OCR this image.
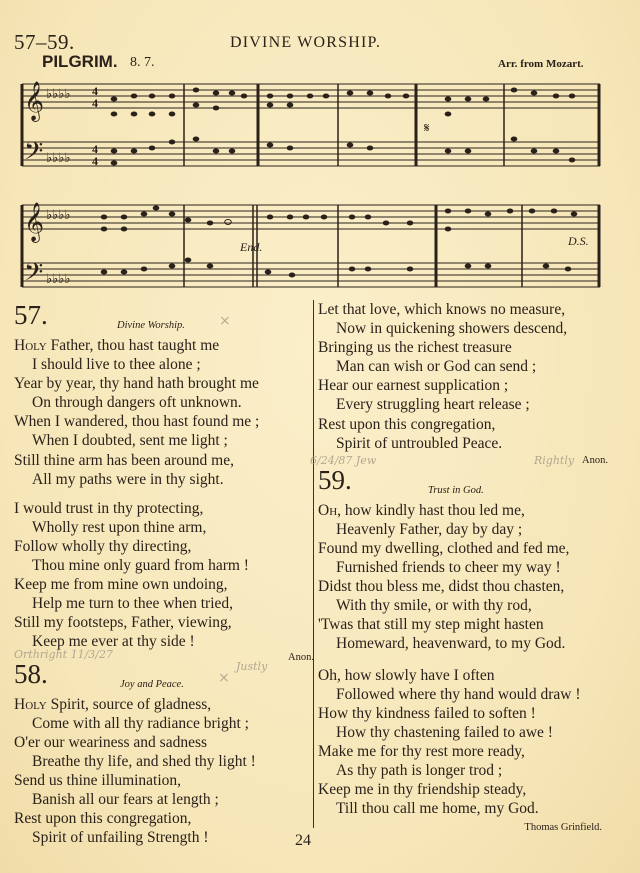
57–59.	DIVINE WORSHIP.
PILGRIM. 8. 7.	Arr. from Mozart.
𝄞
𝄢
♭♭♭♭
♭♭♭♭
4
4
4
4
𝄋
𝄞
𝄢
♭♭♭♭
♭♭♭♭
End.	D.S.
57.	Divine Worship. ×
Holy Father, thou hast taught me
I should live to thee alone ;
Year by year, thy hand hath brought me
On through dangers oft unknown.
When I wandered, thou hast found me ;
When I doubted, sent me light ;
Still thine arm has been around me,
All my paths were in thy sight.
I would trust in thy protecting,
Wholly rest upon thine arm,
Follow wholly thy directing,
Thou mine only guard from harm !
Keep me from mine own undoing,
Help me turn to thee when tried,
Still my footsteps, Father, viewing,
Keep me ever at thy side !
Anon.
58.	Joy and Peace. ×
Justly
Orthright 11/3/27
Holy Spirit, source of gladness,
Come with all thy radiance bright ;
O'er our weariness and sadness
Breathe thy life, and shed thy light !
Send us thine illumination,
Banish all our fears at length ;
Rest upon this congregation,
Spirit of unfailing Strength !
Let that love, which knows no measure,
Now in quickening showers descend,
Bringing us the richest treasure
Man can wish or God can send ;
Hear our earnest supplication ;
Every struggling heart release ;
Rest upon this congregation,
Spirit of untroubled Peace.
6/24/87 Jew	Rightly Anon.
59.	Trust in God.
Oh, how kindly hast thou led me,
Heavenly Father, day by day ;
Found my dwelling, clothed and fed me,
Furnished friends to cheer my way !
Didst thou bless me, didst thou chasten,
With thy smile, or with thy rod,
'Twas that still my step might hasten
Homeward, heavenward, to my God.
Oh, how slowly have I often
Followed where thy hand would draw !
How thy kindness failed to soften !
How thy chastening failed to awe !
Make me for thy rest more ready,
As thy path is longer trod ;
Keep me in thy friendship steady,
Till thou call me home, my God.
Thomas Grinfield.
24
